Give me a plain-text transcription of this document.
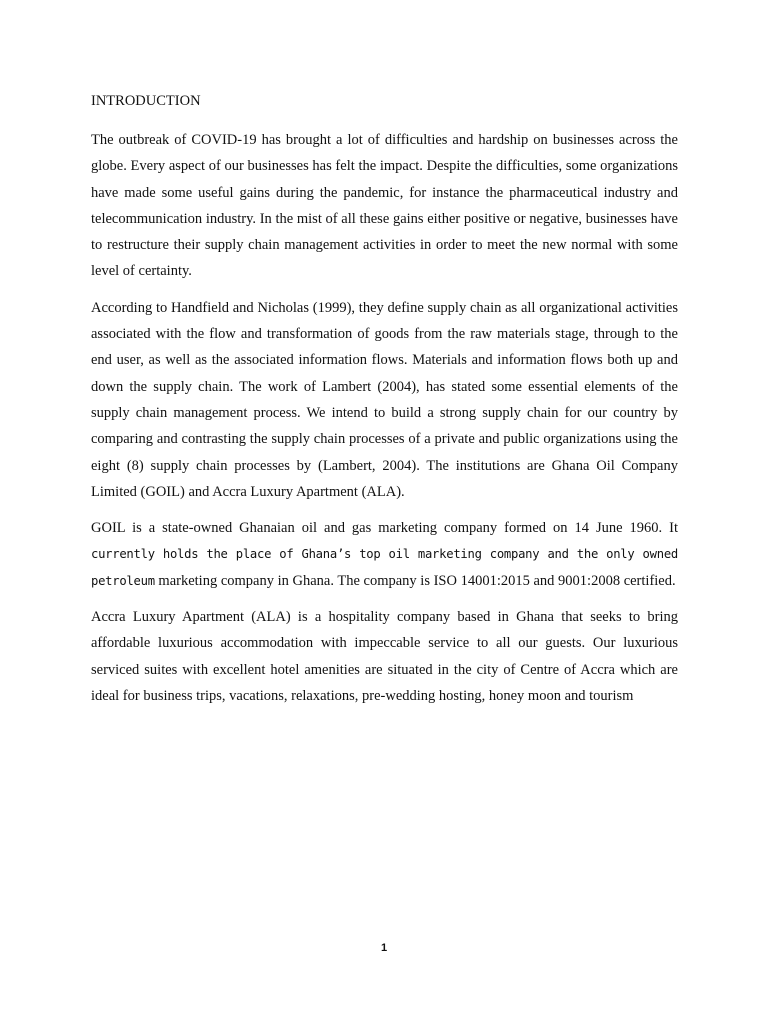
INTRODUCTION

The outbreak of COVID-19 has brought a lot of difficulties and hardship on businesses across the globe. Every aspect of our businesses has felt the impact. Despite the difficulties, some organizations have made some useful gains during the pandemic, for instance the pharmaceutical industry and telecommunication industry. In the mist of all these gains either positive or negative, businesses have to restructure their supply chain management activities in order to meet the new normal with some level of certainty.

According to Handfield and Nicholas (1999), they define supply chain as all organizational activities associated with the flow and transformation of goods from the raw materials stage, through to the end user, as well as the associated information flows. Materials and information flows both up and down the supply chain. The work of Lambert (2004), has stated some essential elements of the supply chain management process. We intend to build a strong supply chain for our country by comparing and contrasting the supply chain processes of a private and public organizations using the eight (8) supply chain processes by (Lambert, 2004). The institutions are Ghana Oil Company Limited (GOIL) and Accra Luxury Apartment (ALA).

GOIL is a state-owned Ghanaian oil and gas marketing company formed on 14 June 1960. It currently holds the place of Ghana’s top oil marketing company and the only owned petroleum marketing company in Ghana. The company is ISO 14001:2015 and 9001:2008 certified.

Accra Luxury Apartment (ALA) is a hospitality company based in Ghana that seeks to bring affordable luxurious accommodation with impeccable service to all our guests. Our luxurious serviced suites with excellent hotel amenities are situated in the city of Centre of Accra which are ideal for business trips, vacations, relaxations, pre-wedding hosting, honey moon and tourism

1
